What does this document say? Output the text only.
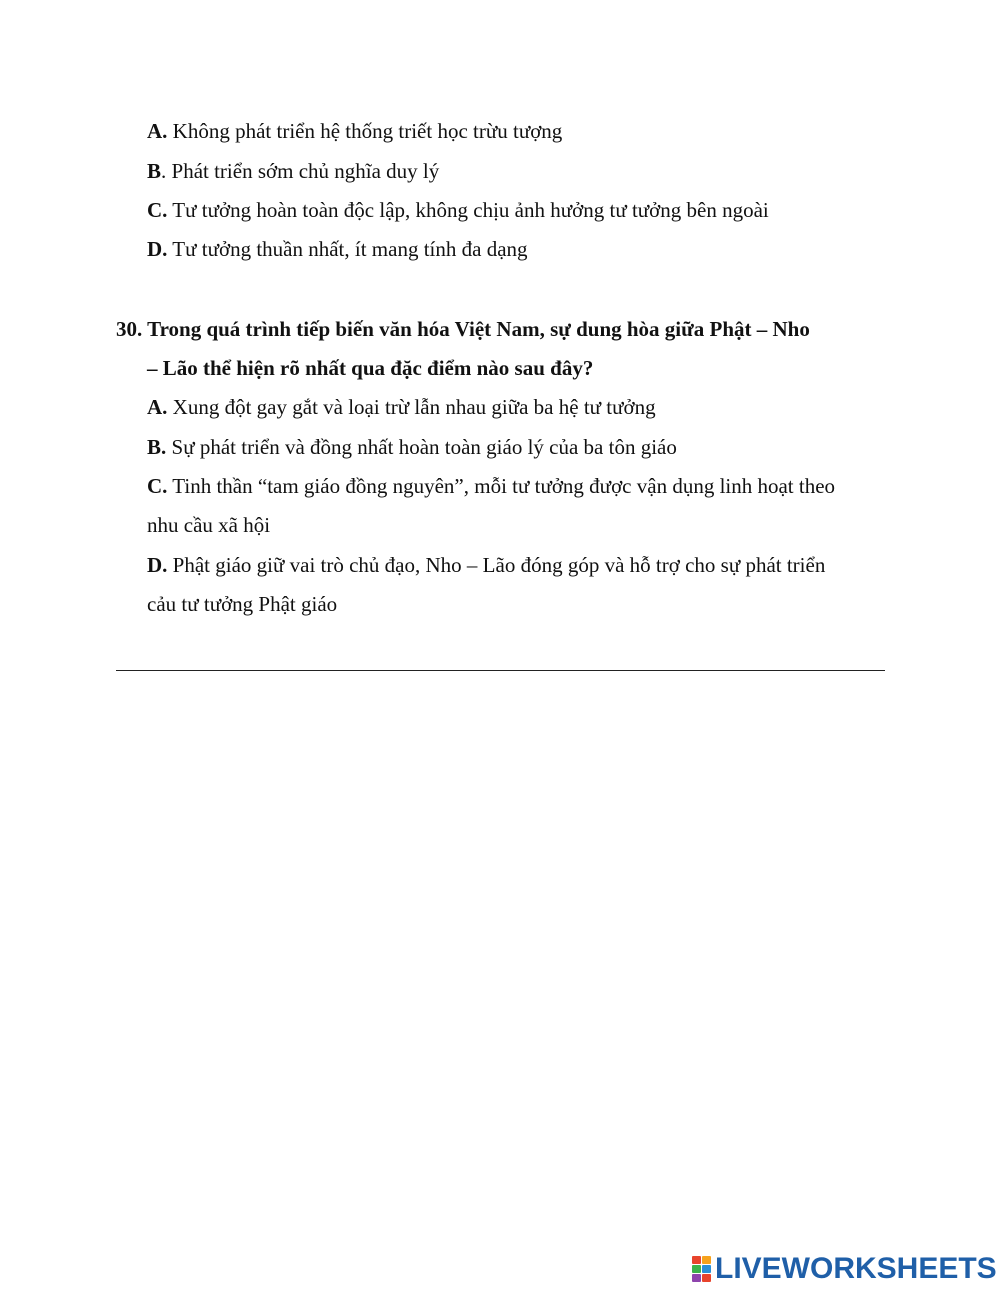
A. Không phát triển hệ thống triết học trừu tượng
B. Phát triển sớm chủ nghĩa duy lý
C. Tư tưởng hoàn toàn độc lập, không chịu ảnh hưởng tư tưởng bên ngoài
D. Tư tưởng thuần nhất, ít mang tính đa dạng
30. Trong quá trình tiếp biến văn hóa Việt Nam, sự dung hòa giữa Phật – Nho
– Lão thể hiện rõ nhất qua đặc điểm nào sau đây?
A. Xung đột gay gắt và loại trừ lẫn nhau giữa ba hệ tư tưởng
B. Sự phát triển và đồng nhất hoàn toàn giáo lý của ba tôn giáo
C. Tinh thần “tam giáo đồng nguyên”, mỗi tư tưởng được vận dụng linh hoạt theo
nhu cầu xã hội
D. Phật giáo giữ vai trò chủ đạo, Nho – Lão đóng góp và hỗ trợ cho sự phát triển
cảu tư tưởng Phật giáo
LIVEWORKSHEETS
